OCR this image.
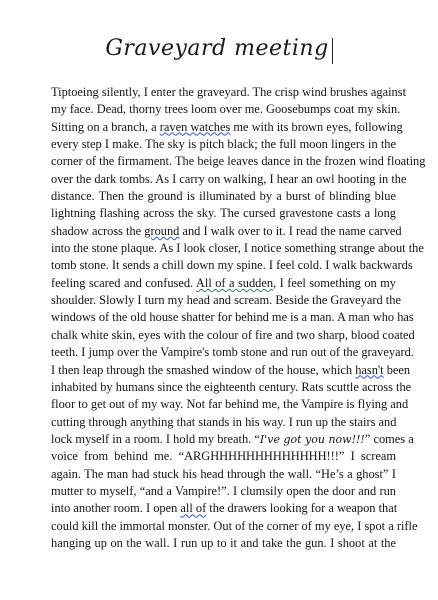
Graveyard meeting
Tiptoeing silently, I enter the graveyard. The crisp wind brushes against
my face. Dead, thorny trees loom over me. Goosebumps coat my skin.
Sitting on a branch, a raven watches me with its brown eyes, following
every step I make. The sky is pitch black; the full moon lingers in the
corner of the firmament. The beige leaves dance in the frozen wind floating
over the dark tombs. As I carry on walking, I hear an owl hooting in the
distance. Then the ground is illuminated by a burst of blinding blue
lightning flashing across the sky. The cursed gravestone casts a long
shadow across the ground and I walk over to it. I read the name carved
into the stone plaque. As I look closer, I notice something strange about the
tomb stone. It sends a chill down my spine. I feel cold. I walk backwards
feeling scared and confused. All of a sudden, I feel something on my
shoulder. Slowly I turn my head and scream. Beside the Graveyard the
windows of the old house shatter for behind me is a man. A man who has
chalk white skin, eyes with the colour of fire and two sharp, blood coated
teeth. I jump over the Vampire's tomb stone and run out of the graveyard.
I then leap through the smashed window of the house, which hasn't been
inhabited by humans since the eighteenth century. Rats scuttle across the
floor to get out of my way. Not far behind me, the Vampire is flying and
cutting through anything that stands in his way. I run up the stairs and
lock myself in a room. I hold my breath. “I've got you now!!!” comes a
voice from behind me. “ARGHHHHHHHHHHHHH!!!” I scream
again. The man had stuck his head through the wall. “He’s a ghost” I
mutter to myself, “and a Vampire!”. I clumsily open the door and run
into another room. I open all of the drawers looking for a weapon that
could kill the immortal monster. Out of the corner of my eye, I spot a rifle
hanging up on the wall. I run up to it and take the gun. I shoot at the
